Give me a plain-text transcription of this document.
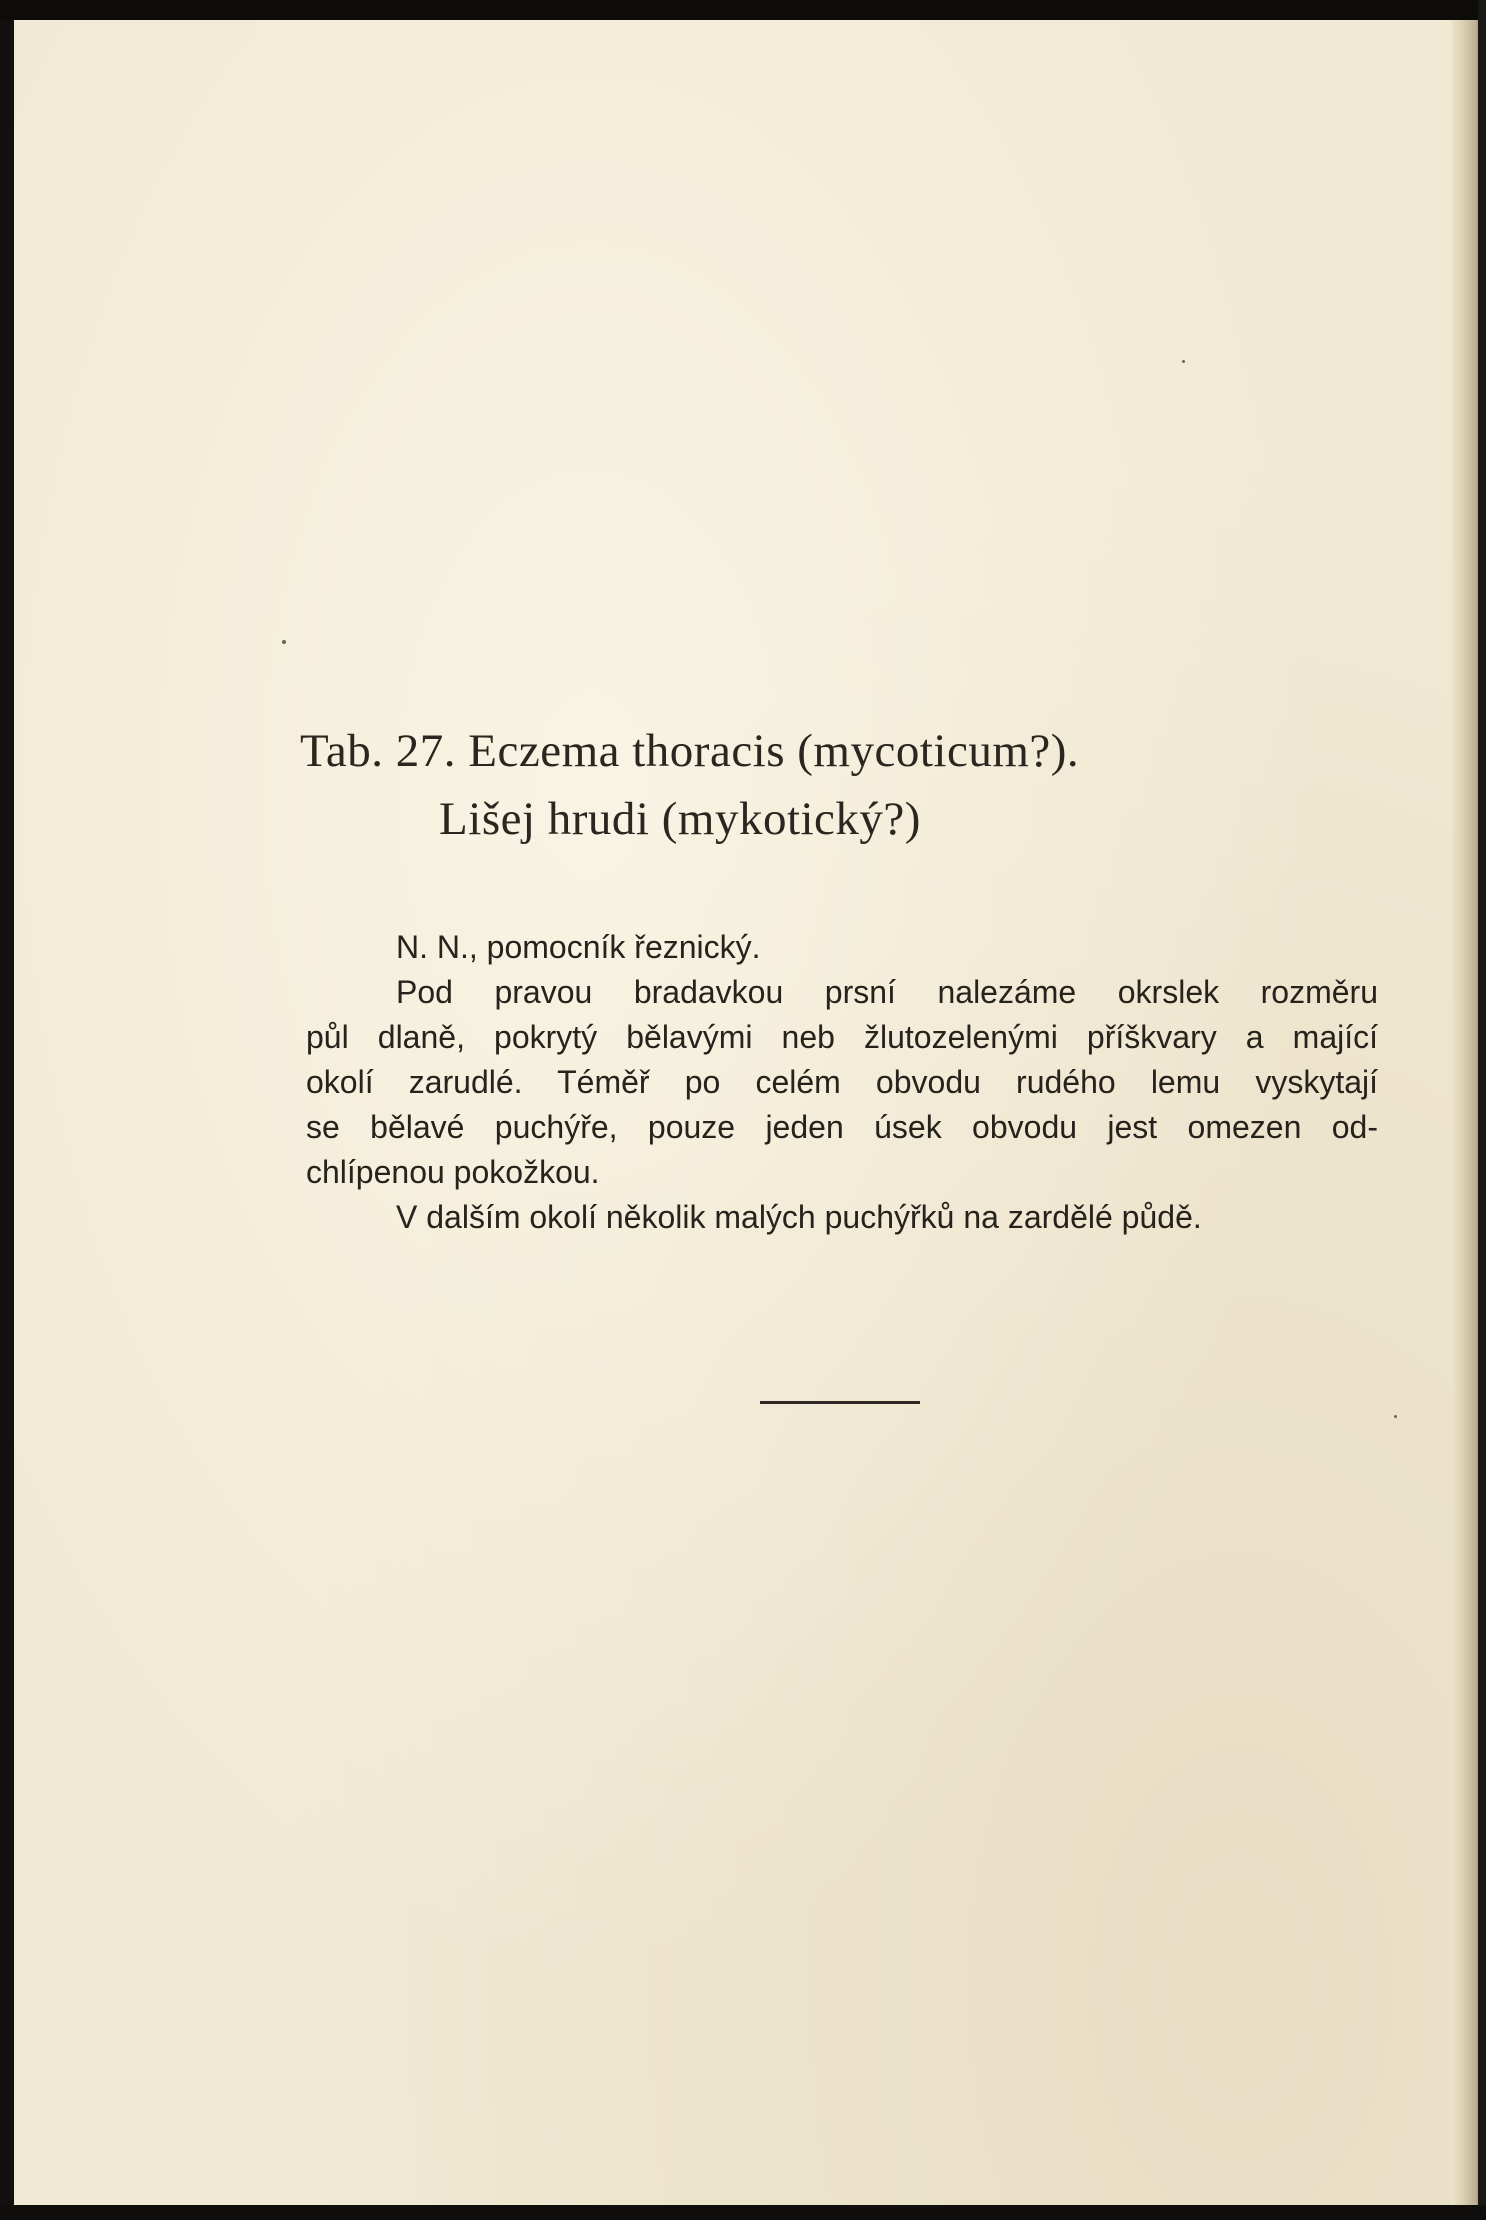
Tab. 27. Eczema thoracis (mycoticum?).
Lišej hrudi (mykotický?)
N. N., pomocník řeznický.
Pod pravou bradavkou prsní nalezáme okrslek rozměru
půl dlaně, pokrytý bělavými neb žlutozelenými příškvary a mající
okolí zarudlé. Téměř po celém obvodu rudého lemu vyskytají
se bělavé puchýře, pouze jeden úsek obvodu jest omezen od-
chlípenou pokožkou.
V dalším okolí několik malých puchýřků na zardělé půdě.
